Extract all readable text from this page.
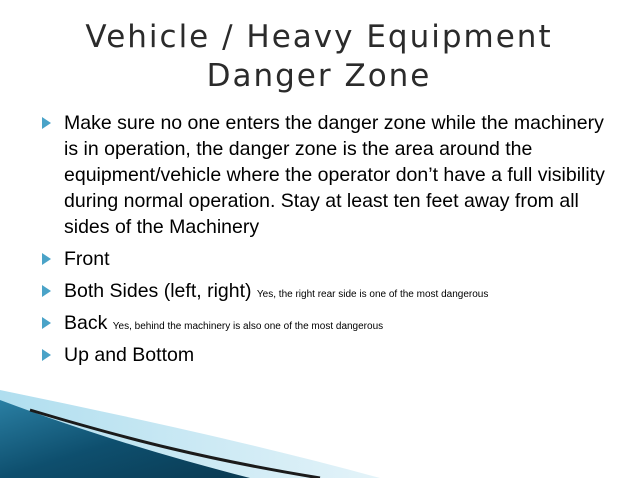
Vehicle / Heavy Equipment
Danger Zone
Make sure no one enters the danger zone while the machinery is in operation, the danger zone is the area around the equipment/vehicle where the operator don’t have a full visibility during normal operation. Stay at least ten feet away from all sides of the Machinery
Front
Both Sides (left, right) Yes, the right rear side is one of the most dangerous
Back Yes, behind the machinery is also one of the most dangerous
Up and Bottom
